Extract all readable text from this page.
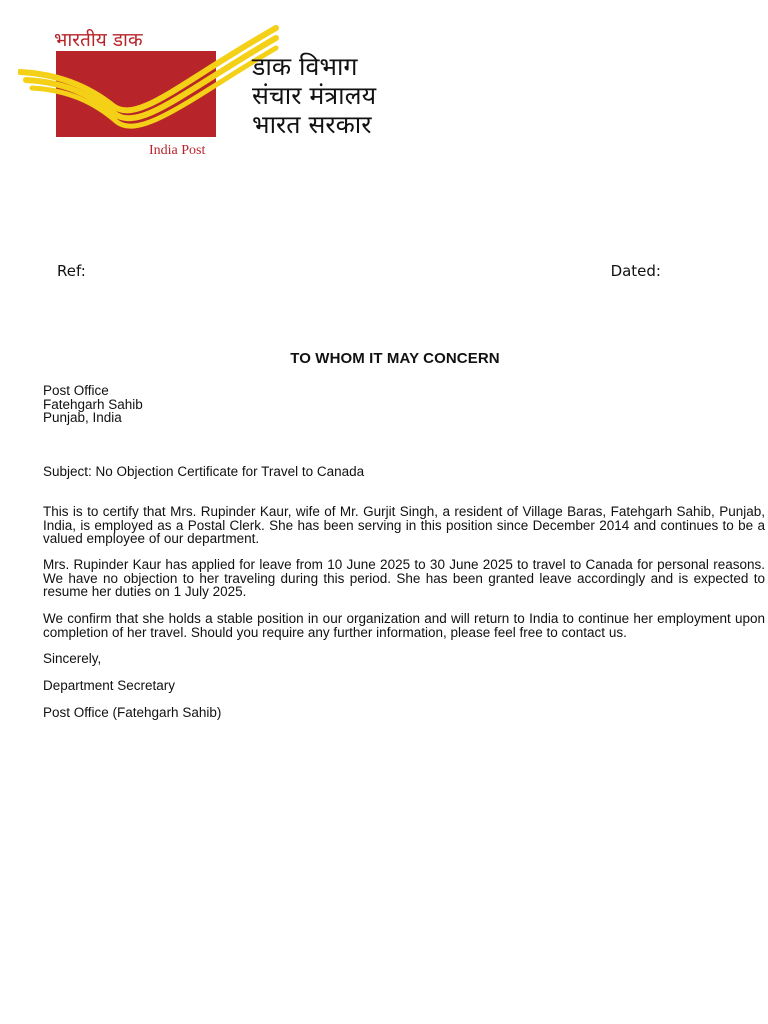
भारतीय डाक
India Post
डाक विभाग
संचार मंत्रालय
भारत सरकार
Ref:	Dated:
TO WHOM IT MAY CONCERN
Post Office
Fatehgarh Sahib
Punjab, India
Subject: No Objection Certificate for Travel to Canada
This is to certify that Mrs. Rupinder Kaur, wife of Mr. Gurjit Singh, a resident of Village Baras, Fatehgarh Sahib, Punjab, India, is employed as a Postal Clerk. She has been serving in this position since December 2014 and continues to be a valued employee of our department.
Mrs. Rupinder Kaur has applied for leave from 10 June 2025 to 30 June 2025 to travel to Canada for personal reasons. We have no objection to her traveling during this period. She has been granted leave accordingly and is expected to resume her duties on 1 July 2025.
We confirm that she holds a stable position in our organization and will return to India to continue her employment upon completion of her travel. Should you require any further information, please feel free to contact us.
Sincerely,
Department Secretary
Post Office (Fatehgarh Sahib)
